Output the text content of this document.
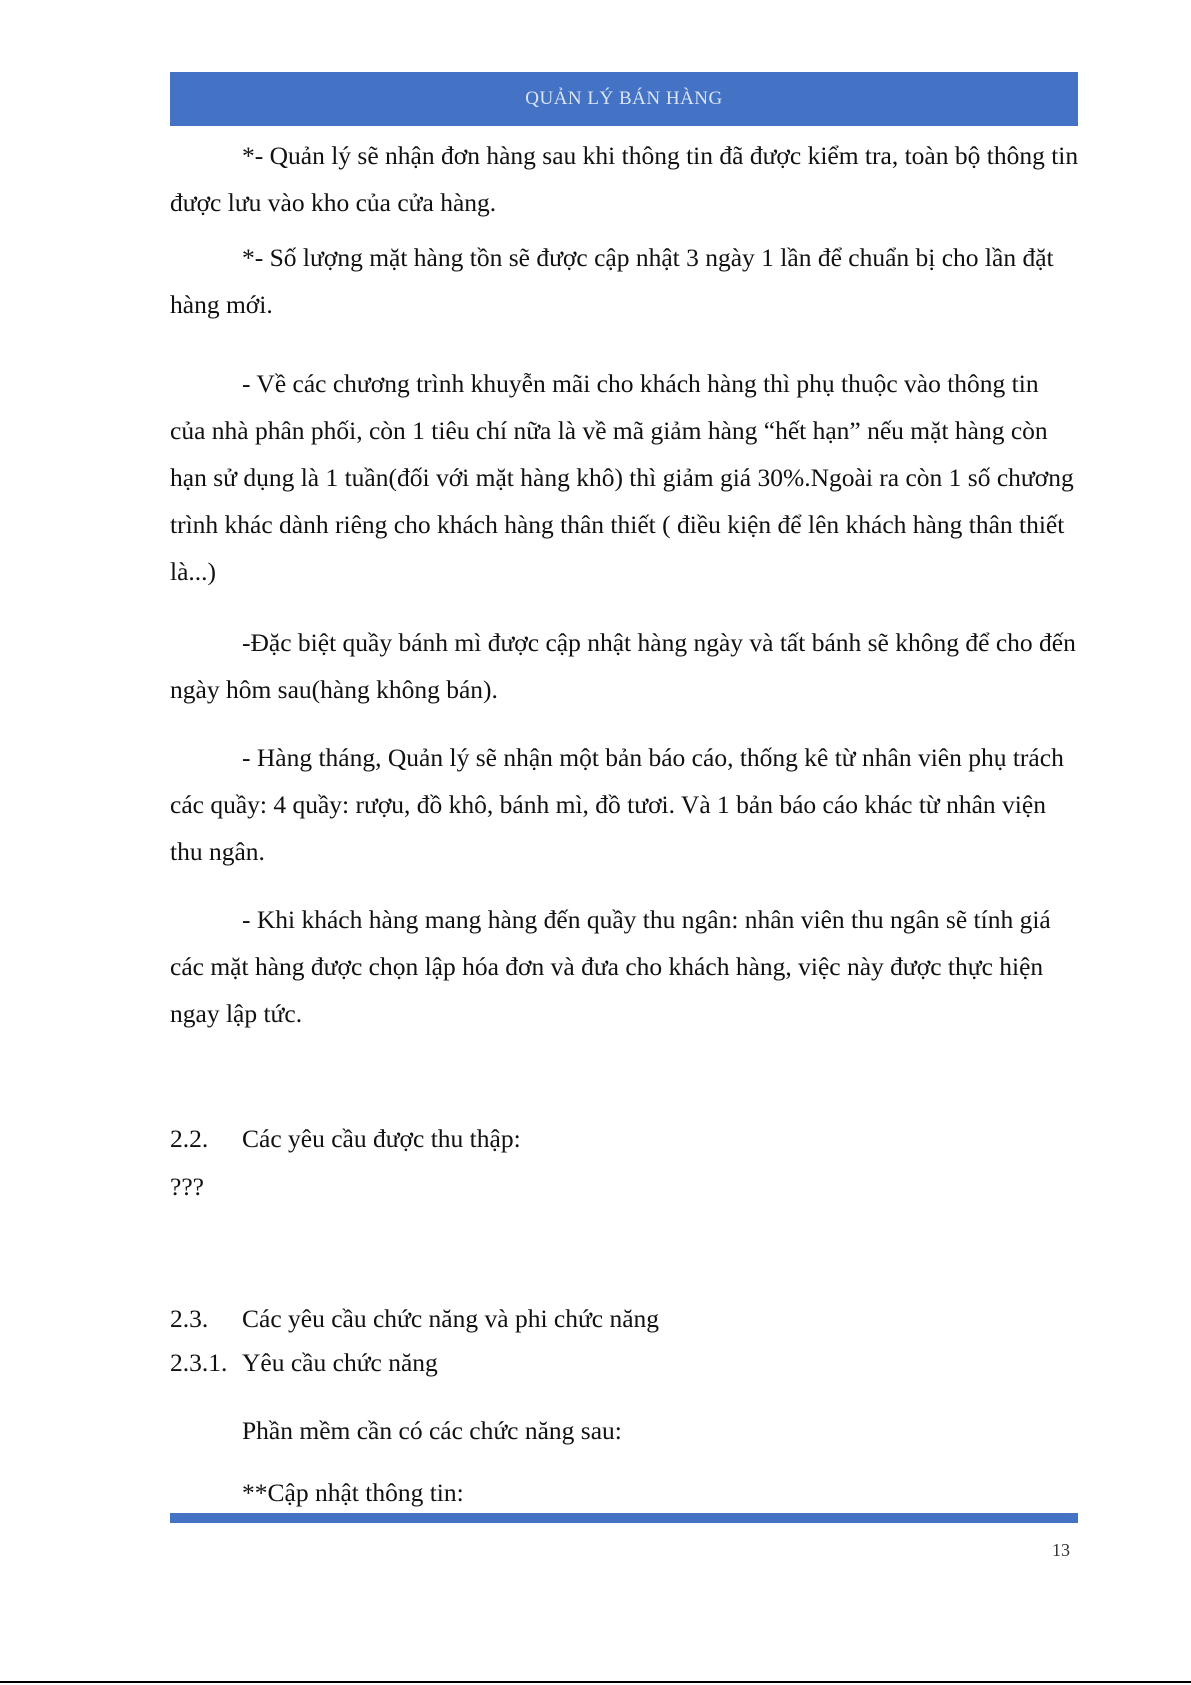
QUẢN LÝ BÁN HÀNG

*- Quản lý sẽ nhận đơn hàng sau khi thông tin đã được kiểm tra, toàn bộ thông tin được lưu vào kho của cửa hàng.

*- Số lượng mặt hàng tồn sẽ được cập nhật 3 ngày 1 lần để chuẩn bị cho lần đặt hàng mới.

- Về các chương trình khuyễn mãi cho khách hàng thì phụ thuộc vào thông tin của nhà phân phối, còn 1 tiêu chí nữa là về mã giảm hàng “hết hạn” nếu mặt hàng còn hạn sử dụng là 1 tuần(đối với mặt hàng khô) thì giảm giá 30%.Ngoài ra còn 1 số chương trình khác dành riêng cho khách hàng thân thiết ( điều kiện để lên khách hàng thân thiết là...)

-Đặc biệt quầy bánh mì được cập nhật hàng ngày và tất bánh sẽ không để cho đến ngày hôm sau(hàng không bán).

- Hàng tháng, Quản lý sẽ nhận một bản báo cáo, thống kê từ nhân viên phụ trách các quầy: 4 quầy: rượu, đồ khô, bánh mì, đồ tươi. Và 1 bản báo cáo khác từ nhân viện thu ngân.

- Khi khách hàng mang hàng đến quầy thu ngân: nhân viên thu ngân sẽ tính giá các mặt hàng được chọn lập hóa đơn và đưa cho khách hàng, việc này được thực hiện ngay lập tức.

2.2. Các yêu cầu được thu thập:
???
2.3. Các yêu cầu chức năng và phi chức năng
2.3.1. Yêu cầu chức năng
Phần mềm cần có các chức năng sau:
**Cập nhật thông tin:
13
